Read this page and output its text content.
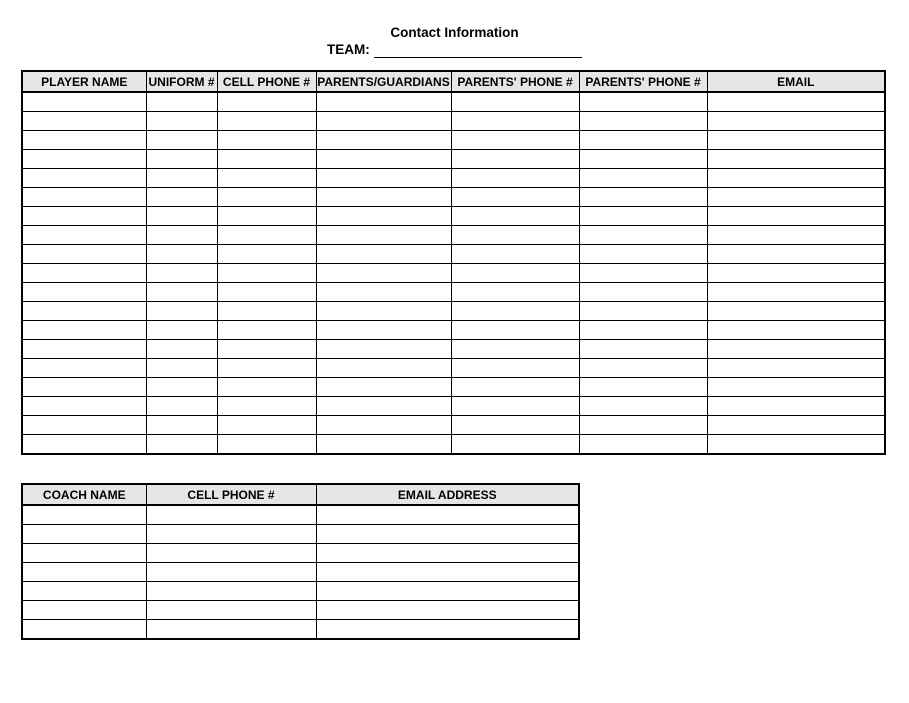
Contact Information
TEAM:
PLAYER NAME	UNIFORM #	CELL PHONE #	PARENTS/GUARDIANS	PARENTS' PHONE #	PARENTS' PHONE #	EMAIL

COACH NAME	CELL PHONE #	EMAIL ADDRESS
